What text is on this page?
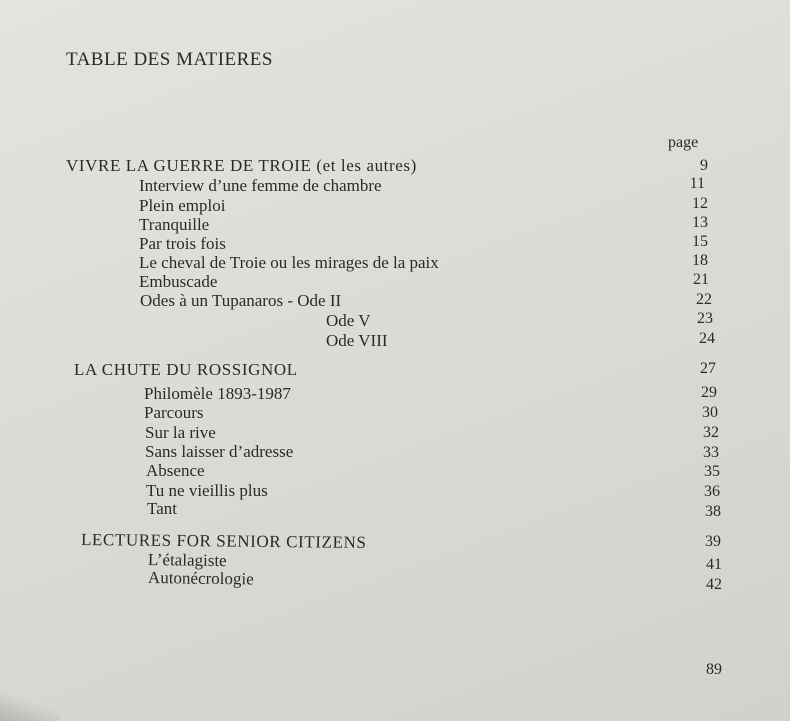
TABLE DES MATIERES
page
VIVRE LA GUERRE DE TROIE (et les autres)	9
Interview d’une femme de chambre	11
Plein emploi	12
Tranquille	13
Par trois fois	15
Le cheval de Troie ou les mirages de la paix	18
Embuscade	21
Odes à un Tupanaros - Ode II	22
Ode V	23
Ode VIII	24
LA CHUTE DU ROSSIGNOL	27
Philomèle 1893-1987	29
Parcours	30
Sur la rive	32
Sans laisser d’adresse	33
Absence	35
Tu ne vieillis plus	36
Tant	38
LECTURES FOR SENIOR CITIZENS	39
L’étalagiste	41
Autonécrologie	42
89
